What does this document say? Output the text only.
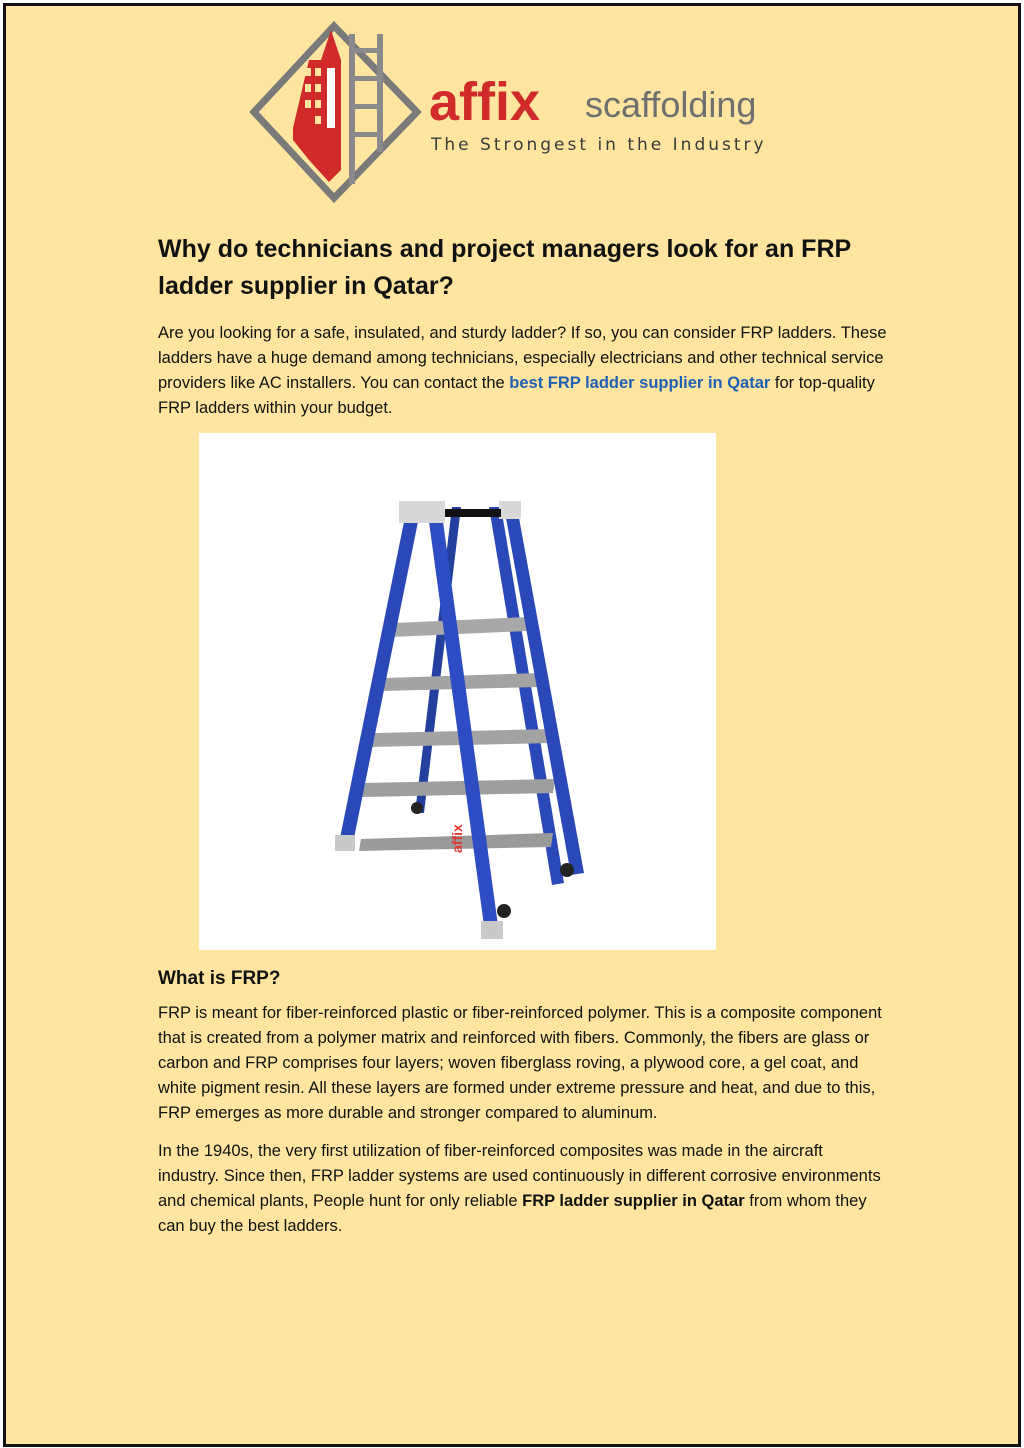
affix scaffolding
The Strongest in the Industry
Why do technicians and project managers look for an FRP ladder supplier in Qatar?

Are you looking for a safe, insulated, and sturdy ladder? If so, you can consider FRP ladders. These ladders have a huge demand among technicians, especially electricians and other technical service providers like AC installers. You can contact the best FRP ladder supplier in Qatar for top-quality FRP ladders within your budget.

affix
What is FRP?

FRP is meant for fiber-reinforced plastic or fiber-reinforced polymer. This is a composite component that is created from a polymer matrix and reinforced with fibers. Commonly, the fibers are glass or carbon and FRP comprises four layers; woven fiberglass roving, a plywood core, a gel coat, and white pigment resin. All these layers are formed under extreme pressure and heat, and due to this, FRP emerges as more durable and stronger compared to aluminum.

In the 1940s, the very first utilization of fiber-reinforced composites was made in the aircraft industry. Since then, FRP ladder systems are used continuously in different corrosive environments and chemical plants, People hunt for only reliable FRP ladder supplier in Qatar from whom they can buy the best ladders.
